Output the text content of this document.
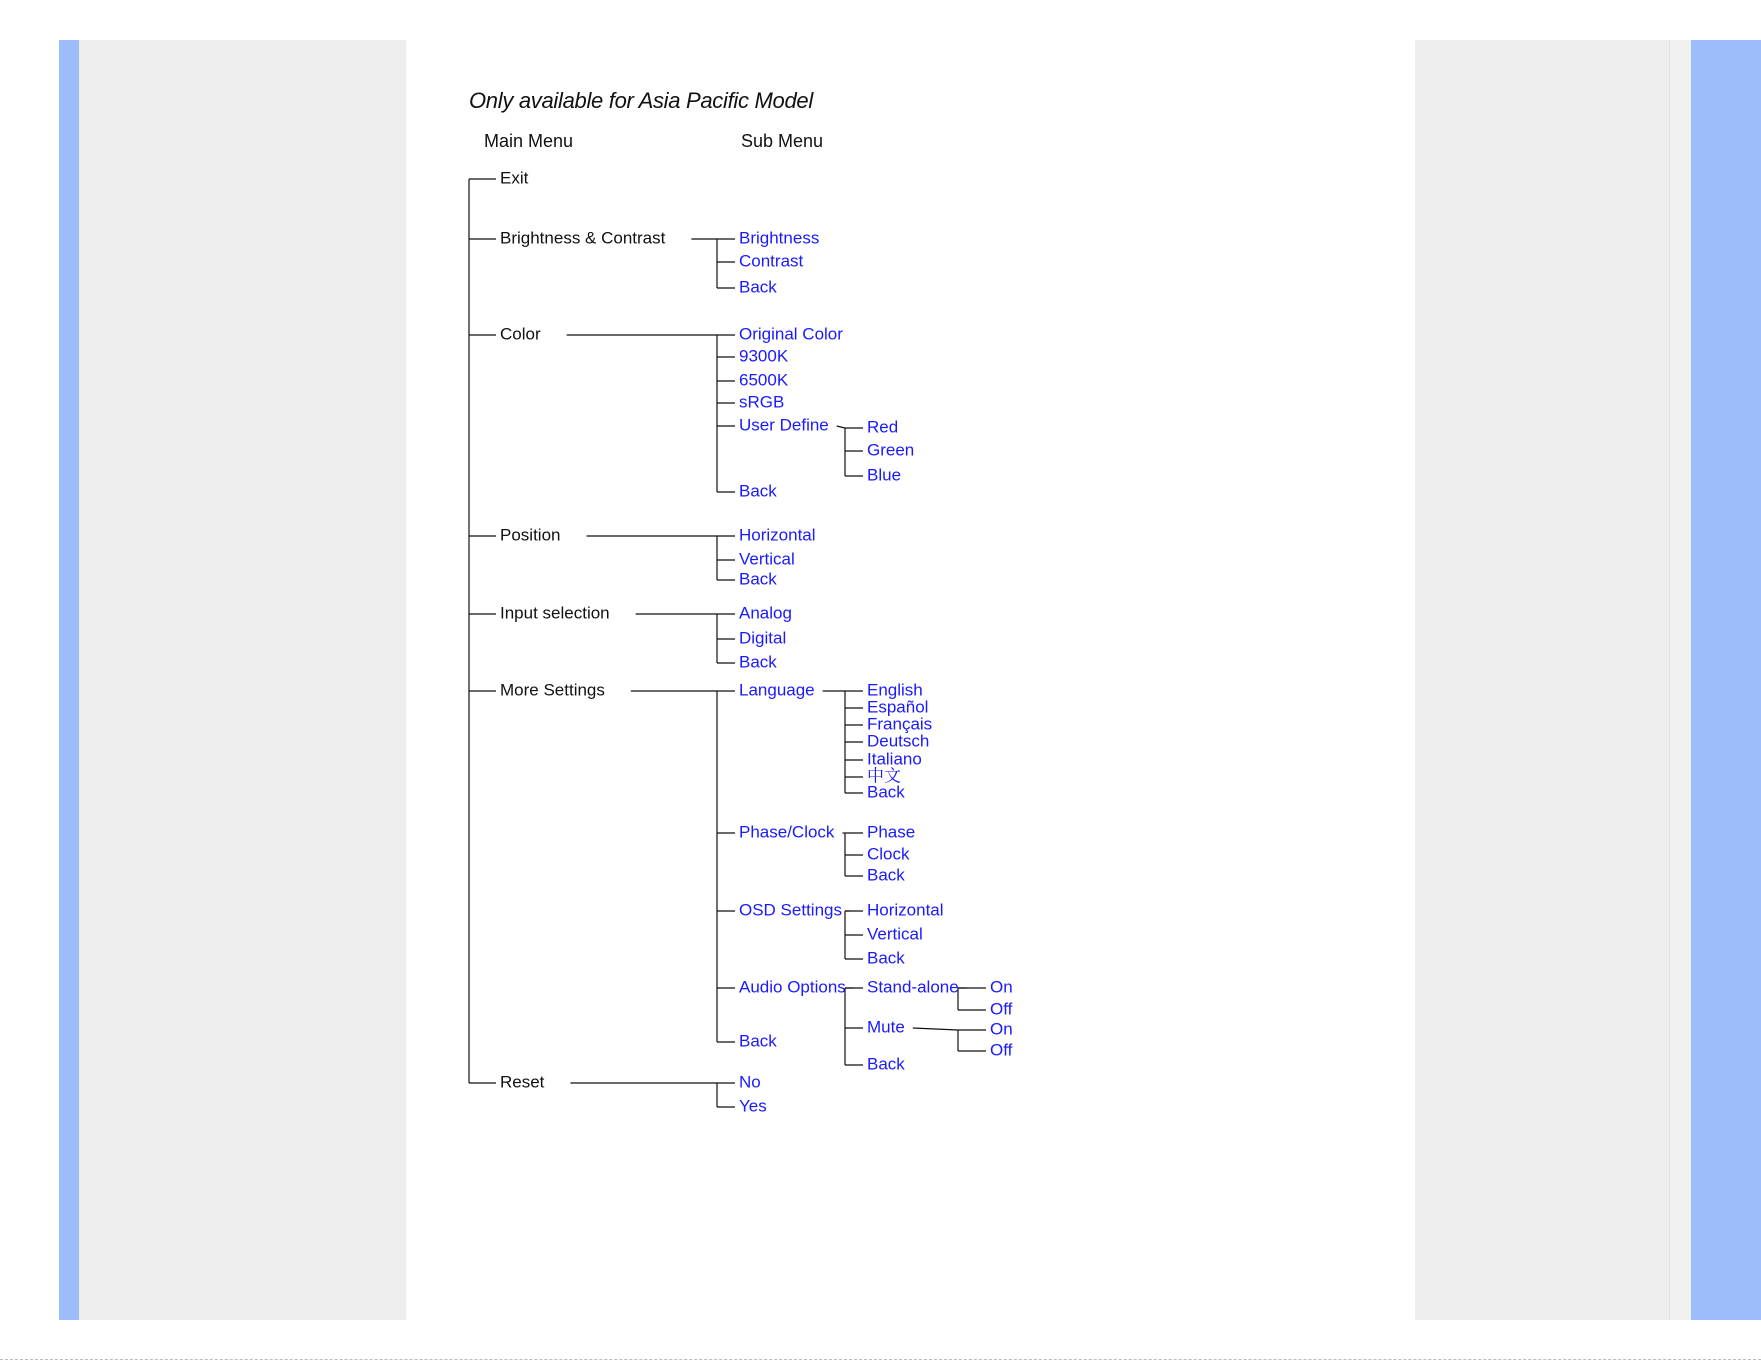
Only available for Asia Pacific Model
Main Menu	Sub Menu
Exit
Brightness & Contrast
Color
Position
Input selection
More Settings
Reset
Brightness
Contrast
Back
Original Color
9300K
6500K
sRGB
User Define
Back
Red
Green
Blue
Horizontal
Vertical
Back
Analog
Digital
Back
Language
Phase/Clock
OSD Settings
Audio Options
Back
English
Español
Français
Deutsch
Italiano
中文
Back
Phase
Clock
Back
Horizontal
Vertical
Back
Stand-alone
Mute
Back
On
Off
On
Off
No
Yes
